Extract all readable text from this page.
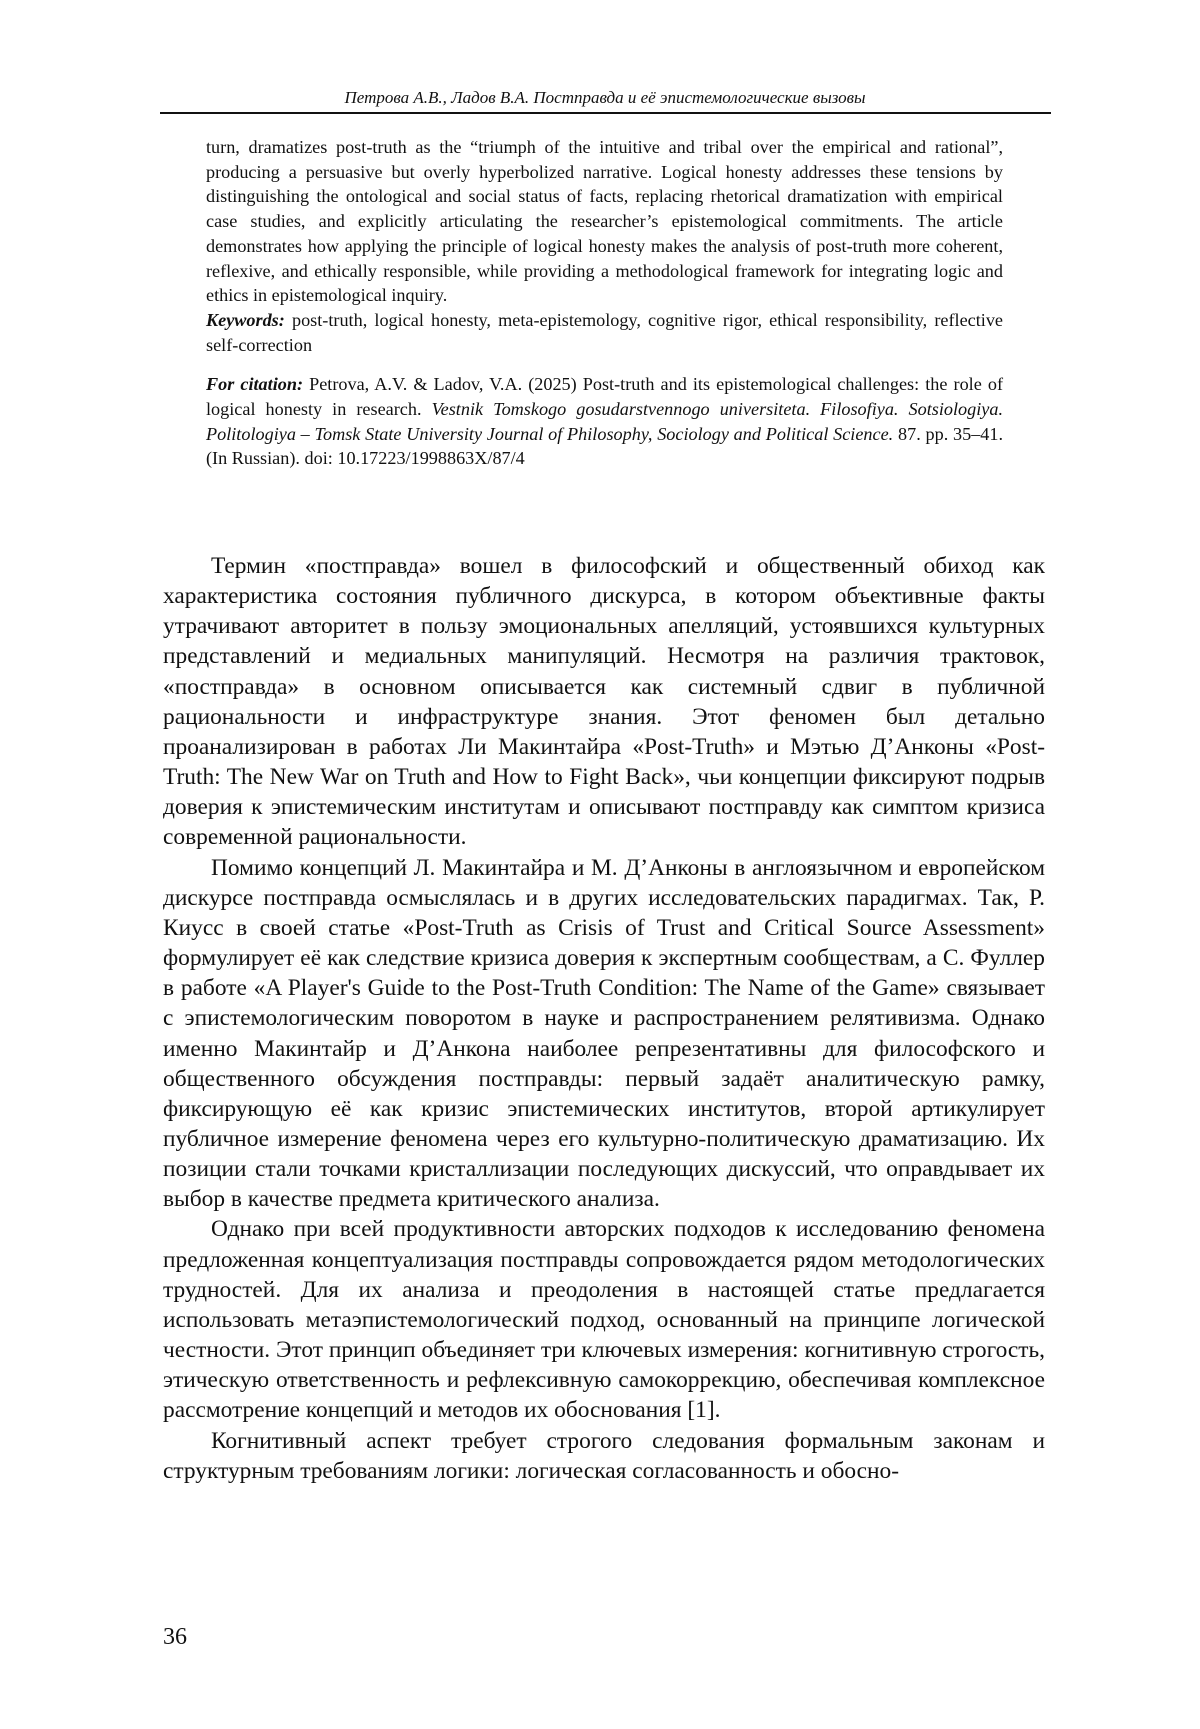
Петрова А.В., Ладов В.А. Постправда и её эпистемологические вызовы

turn, dramatizes post-truth as the “triumph of the intuitive and tribal over the empirical and rational”, producing a persuasive but overly hyperbolized narrative. Logical honesty addresses these tensions by distinguishing the ontological and social status of facts, replacing rhetorical dramatization with empirical case studies, and explicitly articulating the researcher’s epistemological commitments. The article demonstrates how applying the principle of logical honesty makes the analysis of post-truth more coherent, reflexive, and ethically responsible, while providing a methodological framework for integrating logic and ethics in epistemological inquiry.

Keywords: post-truth, logical honesty, meta-epistemology, cognitive rigor, ethical responsibility, reflective self-correction

For citation: Petrova, A.V. & Ladov, V.A. (2025) Post-truth and its epistemological challenges: the role of logical honesty in research. Vestnik Tomskogo gosudarstvennogo universiteta. Filosofiya. Sotsiologiya. Politologiya – Tomsk State University Journal of Philosophy, Sociology and Political Science. 87. pp. 35–41. (In Russian). doi: 10.17223/1998863X/87/4

Термин «постправда» вошел в философский и общественный обиход как характеристика состояния публичного дискурса, в котором объективные факты утрачивают авторитет в пользу эмоциональных апелляций, устоявшихся культурных представлений и медиальных манипуляций. Несмотря на различия трактовок, «постправда» в основном описывается как системный сдвиг в публичной рациональности и инфраструктуре знания. Этот феномен был детально проанализирован в работах Ли Макинтайра «Post-Truth» и Мэтью Д’Анконы «Post-Truth: The New War on Truth and How to Fight Back», чьи концепции фиксируют подрыв доверия к эпистемическим институтам и описывают постправду как симптом кризиса современной рациональности.

Помимо концепций Л. Макинтайра и М. Д’Анконы в англоязычном и европейском дискурсе постправда осмыслялась и в других исследовательских парадигмах. Так, Р. Киусс в своей статье «Post-Truth as Crisis of Trust and Critical Source Assessment» формулирует её как следствие кризиса доверия к экспертным сообществам, а С. Фуллер в работе «A Player's Guide to the Post-Truth Condition: The Name of the Game» связывает с эпистемологическим поворотом в науке и распространением релятивизма. Однако именно Макинтайр и Д’Анкона наиболее репрезентативны для философского и общественного обсуждения постправды: первый задаёт аналитическую рамку, фиксирующую её как кризис эпистемических институтов, второй артикулирует публичное измерение феномена через его культурно-политическую драматизацию. Их позиции стали точками кристаллизации последующих дискуссий, что оправдывает их выбор в качестве предмета критического анализа.

Однако при всей продуктивности авторских подходов к исследованию феномена предложенная концептуализация постправды сопровождается рядом методологических трудностей. Для их анализа и преодоления в настоящей статье предлагается использовать метаэпистемологический подход, основанный на принципе логической честности. Этот принцип объединяет три ключевых измерения: когнитивную строгость, этическую ответственность и рефлексивную самокоррекцию, обеспечивая комплексное рассмотрение концепций и методов их обоснования [1].

Когнитивный аспект требует строгого следования формальным законам и структурным требованиям логики: логическая согласованность и обосно-

36
